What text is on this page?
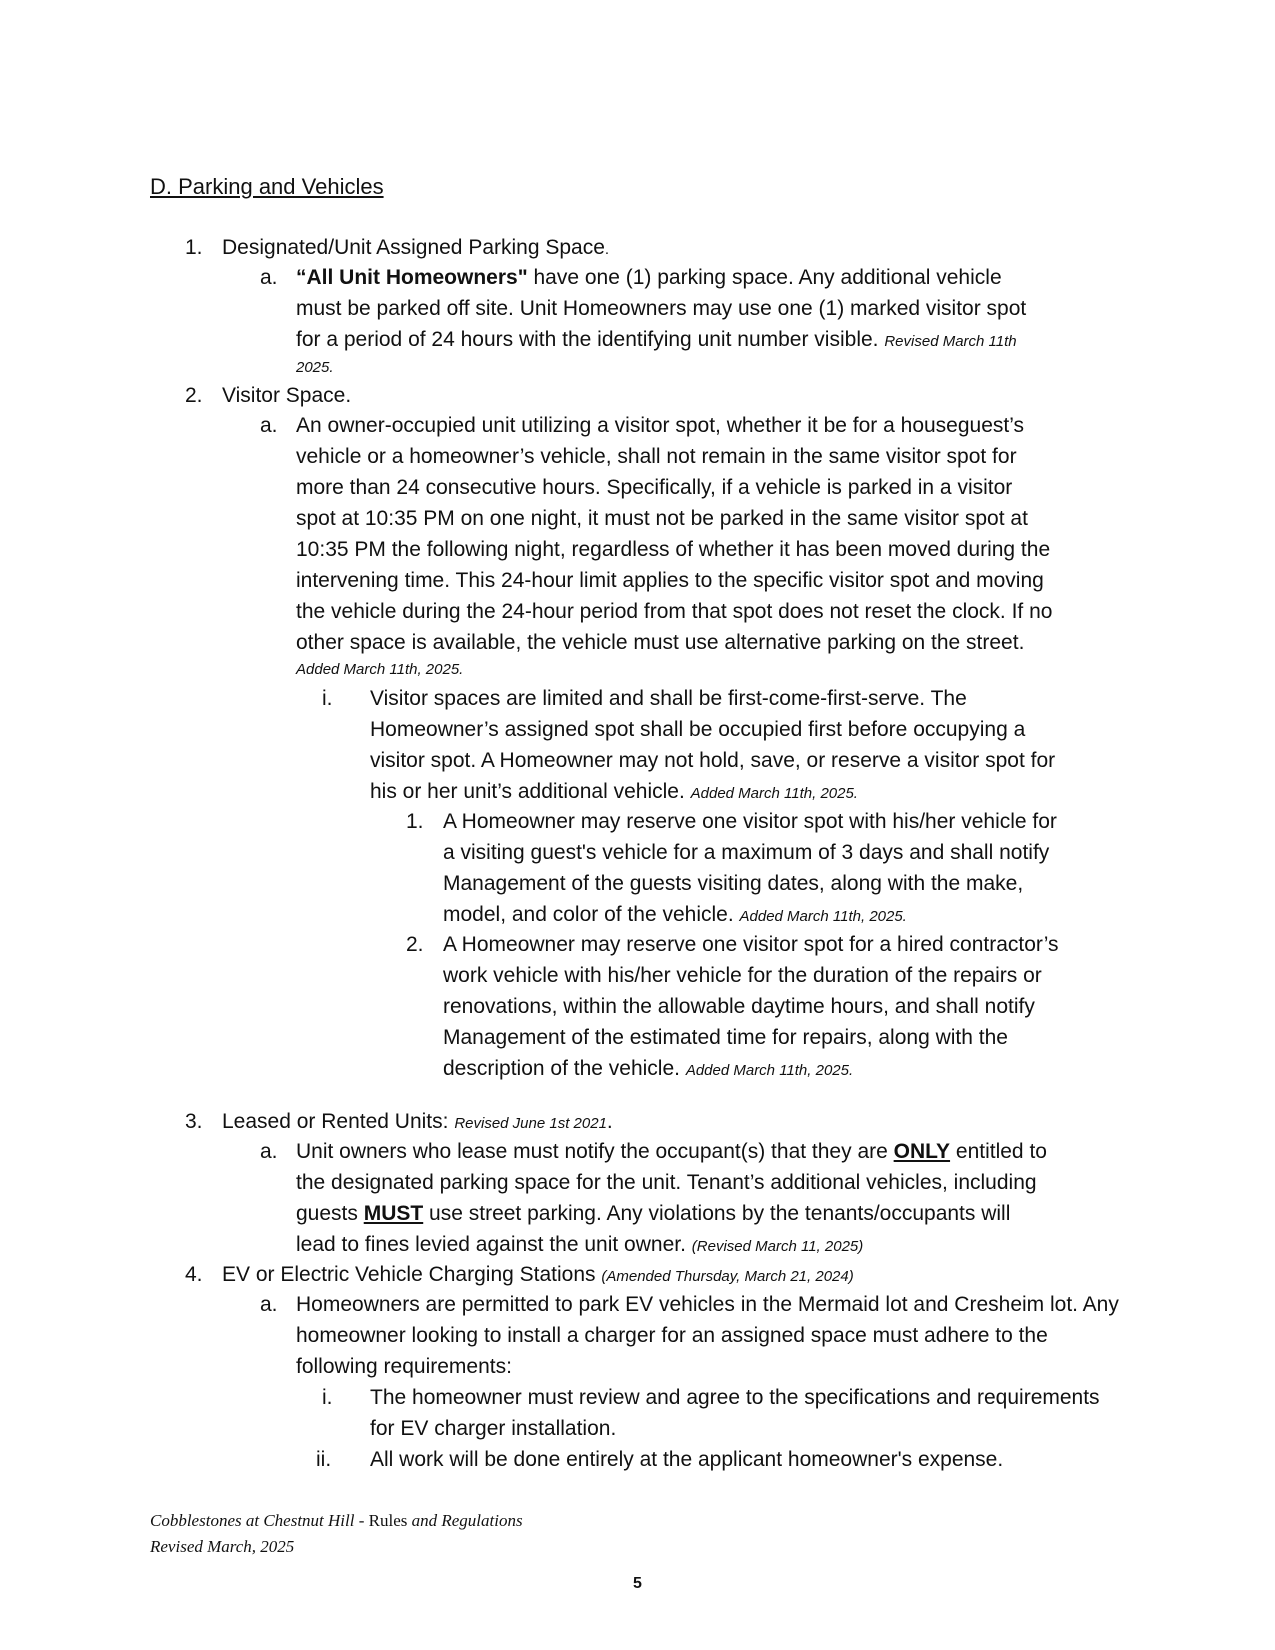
D. Parking and Vehicles
1. Designated/Unit Assigned Parking Space.
a. “All Unit Homeowners" have one (1) parking space. Any additional vehicle
must be parked off site. Unit Homeowners may use one (1) marked visitor spot
for a period of 24 hours with the identifying unit number visible. Revised March 11th
2025.
2. Visitor Space.
a. An owner-occupied unit utilizing a visitor spot, whether it be for a houseguest’s
vehicle or a homeowner’s vehicle, shall not remain in the same visitor spot for
more than 24 consecutive hours. Specifically, if a vehicle is parked in a visitor
spot at 10:35 PM on one night, it must not be parked in the same visitor spot at
10:35 PM the following night, regardless of whether it has been moved during the
intervening time. This 24-hour limit applies to the specific visitor spot and moving
the vehicle during the 24-hour period from that spot does not reset the clock. If no
other space is available, the vehicle must use alternative parking on the street.
Added March 11th, 2025.
i. Visitor spaces are limited and shall be first-come-first-serve. The
Homeowner’s assigned spot shall be occupied first before occupying a
visitor spot. A Homeowner may not hold, save, or reserve a visitor spot for
his or her unit’s additional vehicle. Added March 11th, 2025.
1. A Homeowner may reserve one visitor spot with his/her vehicle for
a visiting guest's vehicle for a maximum of 3 days and shall notify
Management of the guests visiting dates, along with the make,
model, and color of the vehicle. Added March 11th, 2025.
2. A Homeowner may reserve one visitor spot for a hired contractor’s
work vehicle with his/her vehicle for the duration of the repairs or
renovations, within the allowable daytime hours, and shall notify
Management of the estimated time for repairs, along with the
description of the vehicle. Added March 11th, 2025.
3. Leased or Rented Units: Revised June 1st 2021.
a. Unit owners who lease must notify the occupant(s) that they are ONLY entitled to
the designated parking space for the unit. Tenant’s additional vehicles, including
guests MUST use street parking. Any violations by the tenants/occupants will
lead to fines levied against the unit owner. (Revised March 11, 2025)
4. EV or Electric Vehicle Charging Stations (Amended Thursday, March 21, 2024)
a. Homeowners are permitted to park EV vehicles in the Mermaid lot and Cresheim lot. Any
homeowner looking to install a charger for an assigned space must adhere to the
following requirements:
i. The homeowner must review and agree to the specifications and requirements
for EV charger installation.
ii. All work will be done entirely at the applicant homeowner's expense.
Cobblestones at Chestnut Hill - Rules and Regulations
Revised March, 2025
5
